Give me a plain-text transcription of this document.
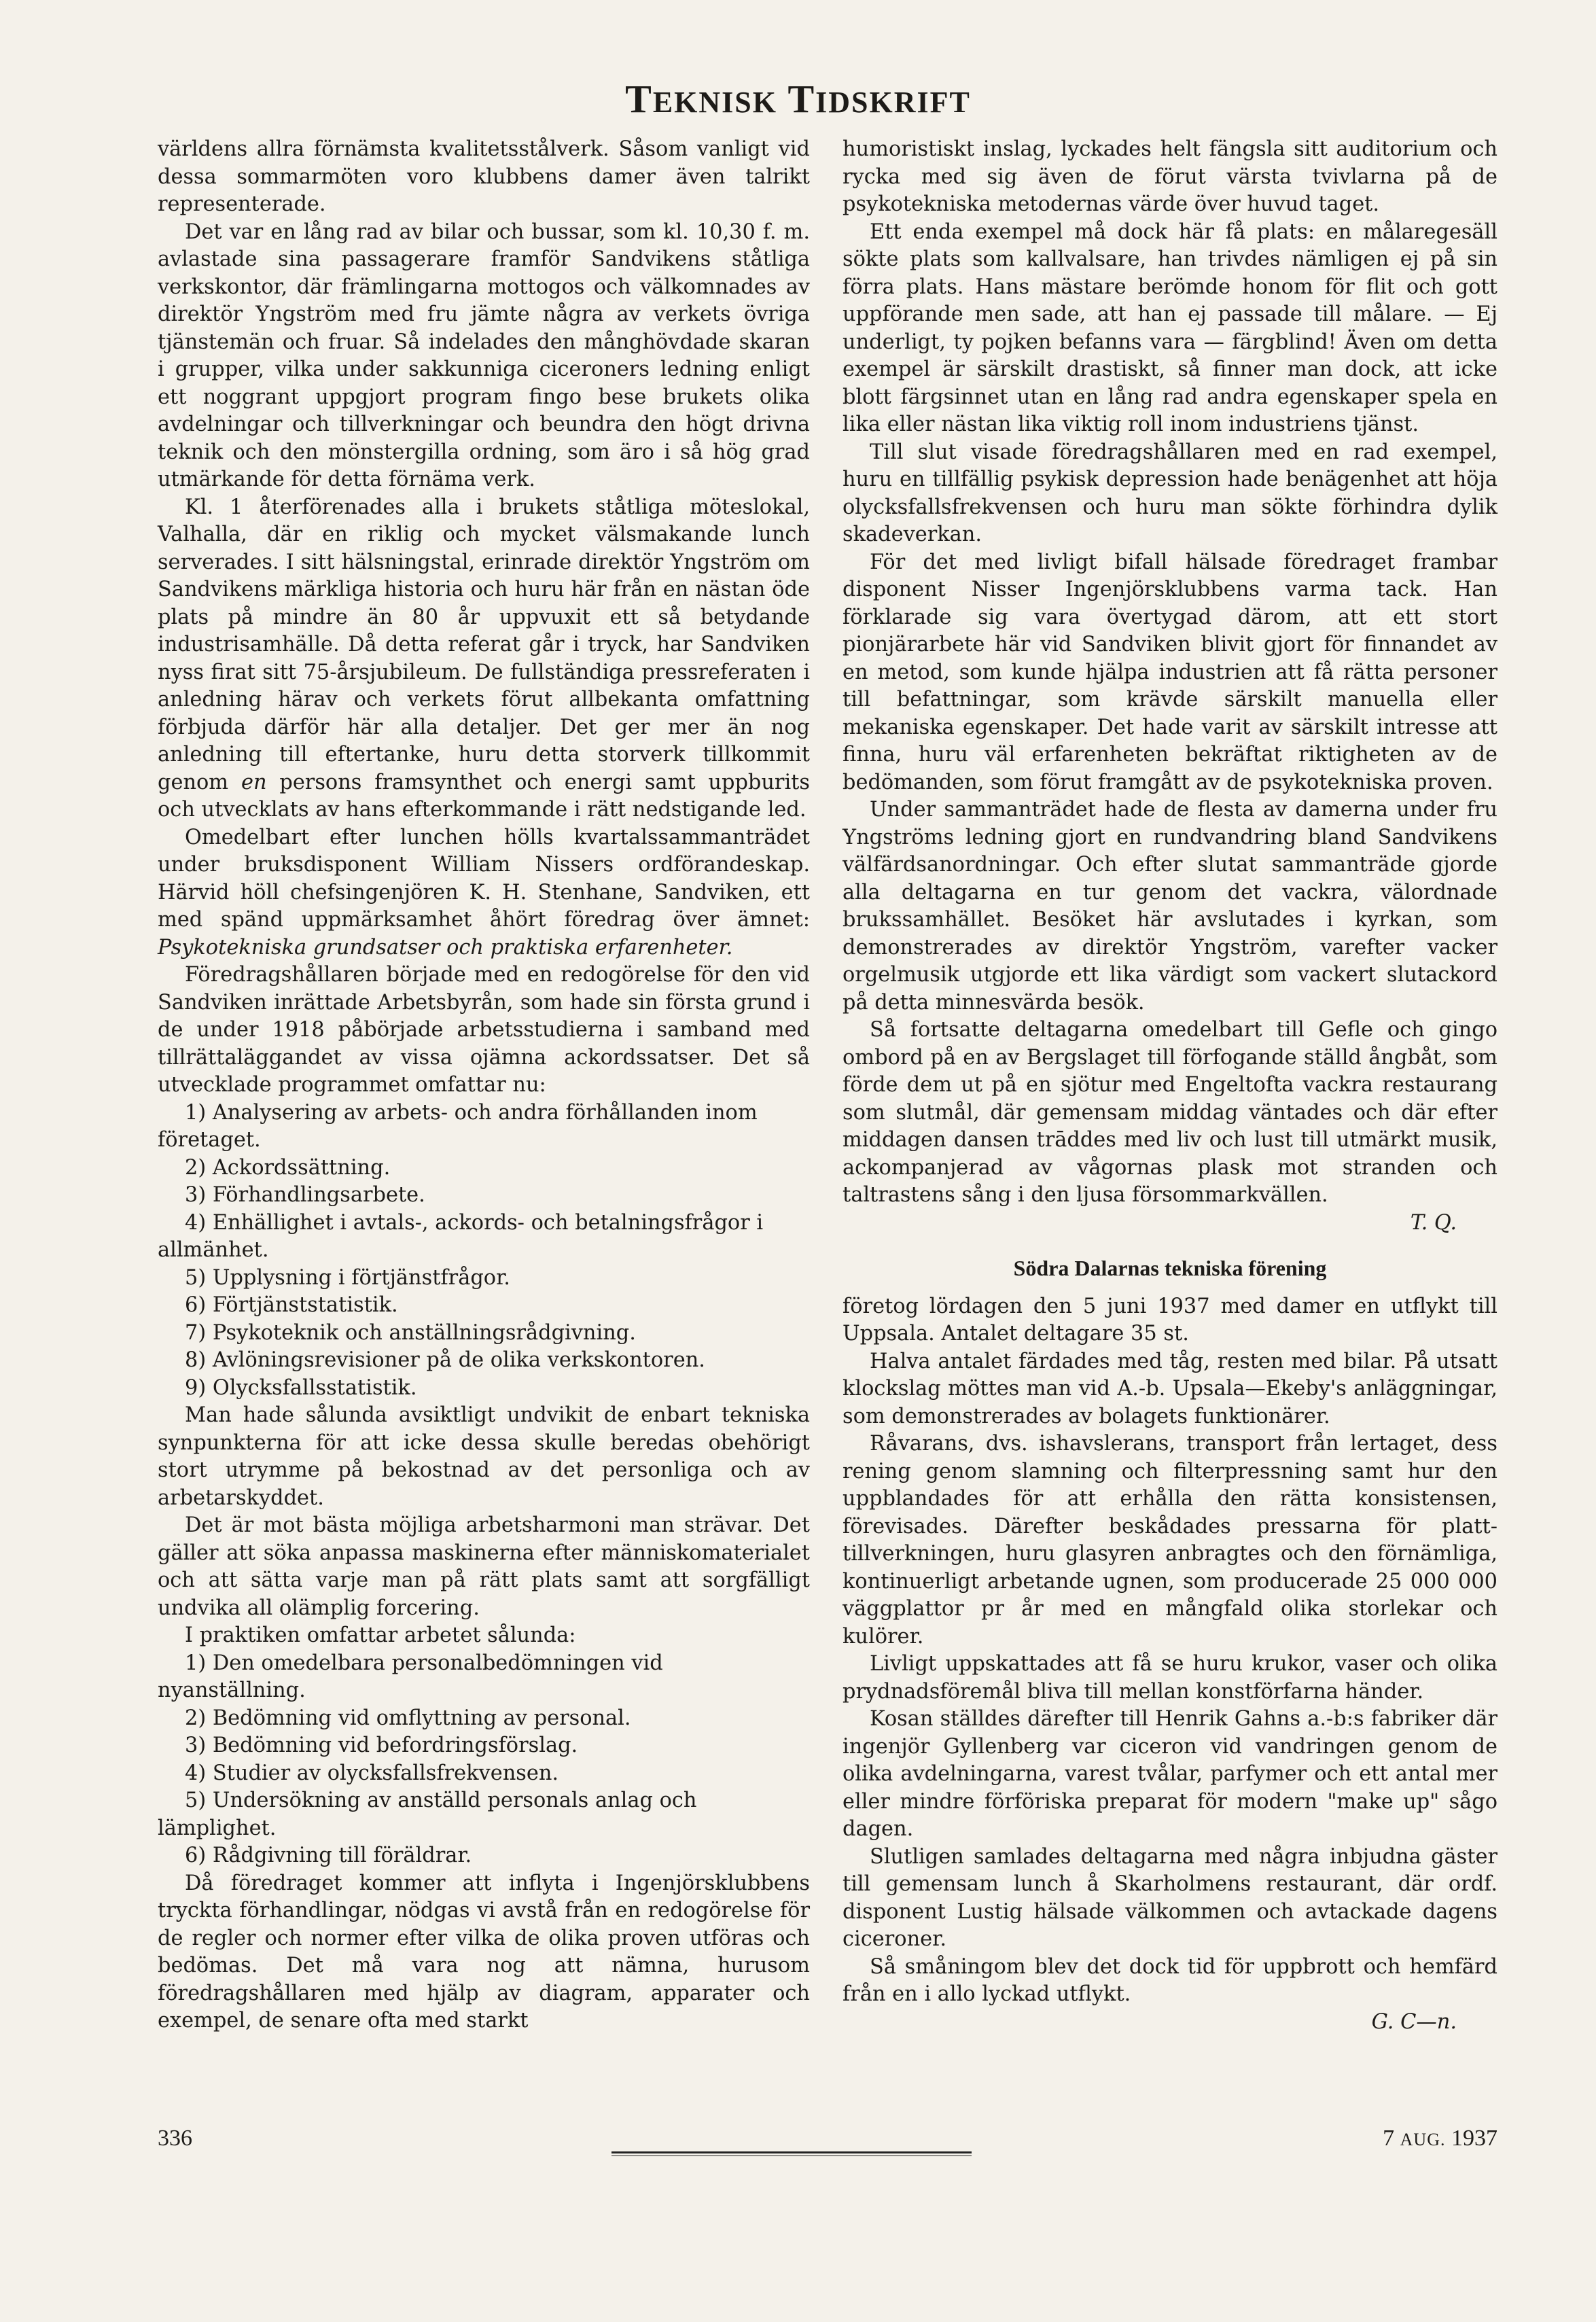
TEKNISK TIDSKRIFT

världens allra förnämsta kvalitetsstålverk. Såsom vanligt vid dessa sommarmöten voro klubbens damer även talrikt representerade.

Det var en lång rad av bilar och bussar, som kl. 10,30 f. m. avlastade sina passagerare framför Sandvikens ståtliga verkskontor, där främlingarna mottogos och välkomnades av direktör Yngström med fru jämte några av verkets övriga tjänstemän och fruar. Så indelades den månghövdade skaran i grupper, vilka under sakkunniga ciceroners ledning enligt ett noggrant uppgjort program fingo bese brukets olika avdelningar och tillverkningar och beundra den högt drivna teknik och den mönstergilla ordning, som äro i så hög grad utmärkande för detta förnäma verk.

Kl. 1 återförenades alla i brukets ståtliga möteslokal, Valhalla, där en riklig och mycket välsmakande lunch serverades. I sitt hälsningstal, erinrade direktör Yngström om Sandvikens märkliga historia och huru här från en nästan öde plats på mindre än 80 år uppvuxit ett så betydande industrisamhälle. Då detta referat går i tryck, har Sandviken nyss firat sitt 75-årsjubileum. De fullständiga pressreferaten i anledning härav och verkets förut allbekanta omfattning förbjuda därför här alla detaljer. Det ger mer än nog anledning till eftertanke, huru detta storverk tillkommit genom en persons framsynthet och energi samt uppburits och utvecklats av hans efterkommande i rätt nedstigande led.

Omedelbart efter lunchen hölls kvartalssammanträdet under bruksdisponent William Nissers ordförandeskap. Härvid höll chefsingenjören K. H. Stenhane, Sandviken, ett med spänd uppmärksamhet åhört föredrag över ämnet: Psykotekniska grundsatser och praktiska erfarenheter.

Föredragshållaren började med en redogörelse för den vid Sandviken inrättade Arbetsbyrån, som hade sin första grund i de under 1918 påbörjade arbetsstudierna i samband med tillrättaläggandet av vissa ojämna ackordssatser. Det så utvecklade programmet omfattar nu:

1) Analysering av arbets- och andra förhållanden inom företaget.

2) Ackordssättning.

3) Förhandlingsarbete.

4) Enhällighet i avtals-, ackords- och betalningsfrågor i allmänhet.

5) Upplysning i förtjänstfrågor.

6) Förtjänststatistik.

7) Psykoteknik och anställningsrådgivning.

8) Avlöningsrevisioner på de olika verkskontoren.

9) Olycksfallsstatistik.

Man hade sålunda avsiktligt undvikit de enbart tekniska synpunkterna för att icke dessa skulle beredas obehörigt stort utrymme på bekostnad av det personliga och av arbetarskyddet.

Det är mot bästa möjliga arbetsharmoni man strävar. Det gäller att söka anpassa maskinerna efter människomaterialet och att sätta varje man på rätt plats samt att sorgfälligt undvika all olämplig forcering.

I praktiken omfattar arbetet sålunda:

1) Den omedelbara personalbedömningen vid nyanställning.

2) Bedömning vid omflyttning av personal.

3) Bedömning vid befordringsförslag.

4) Studier av olycksfallsfrekvensen.

5) Undersökning av anställd personals anlag och lämplighet.

6) Rådgivning till föräldrar.

Då föredraget kommer att inflyta i Ingenjörsklubbens tryckta förhandlingar, nödgas vi avstå från en redogörelse för de regler och normer efter vilka de olika proven utföras och bedömas. Det må vara nog att nämna, hurusom föredragshållaren med hjälp av diagram, apparater och exempel, de senare ofta med starkt

humoristiskt inslag, lyckades helt fängsla sitt auditorium och rycka med sig även de förut värsta tvivlarna på de psykotekniska metodernas värde över huvud taget.

Ett enda exempel må dock här få plats: en målaregesäll sökte plats som kallvalsare, han trivdes nämligen ej på sin förra plats. Hans mästare berömde honom för flit och gott uppförande men sade, att han ej passade till målare. — Ej underligt, ty pojken befanns vara — färgblind! Även om detta exempel är särskilt drastiskt, så finner man dock, att icke blott färgsinnet utan en lång rad andra egenskaper spela en lika eller nästan lika viktig roll inom industriens tjänst.

Till slut visade föredragshållaren med en rad exempel, huru en tillfällig psykisk depression hade benägenhet att höja olycksfallsfrekvensen och huru man sökte förhindra dylik skadeverkan.

För det med livligt bifall hälsade föredraget frambar disponent Nisser Ingenjörsklubbens varma tack. Han förklarade sig vara övertygad därom, att ett stort pionjärarbete här vid Sandviken blivit gjort för finnandet av en metod, som kunde hjälpa industrien att få rätta personer till befattningar, som krävde särskilt manuella eller mekaniska egenskaper. Det hade varit av särskilt intresse att finna, huru väl erfarenheten bekräftat riktigheten av de bedömanden, som förut framgått av de psykotekniska proven.

Under sammanträdet hade de flesta av damerna under fru Yngströms ledning gjort en rundvandring bland Sandvikens välfärdsanordningar. Och efter slutat sammanträde gjorde alla deltagarna en tur genom det vackra, välordnade brukssamhället. Besöket här avslutades i kyrkan, som demonstrerades av direktör Yngström, varefter vacker orgelmusik utgjorde ett lika värdigt som vackert slutackord på detta minnesvärda besök.

Så fortsatte deltagarna omedelbart till Gefle och gingo ombord på en av Bergslaget till förfogande ställd ångbåt, som förde dem ut på en sjötur med Engeltofta vackra restaurang som slutmål, där gemensam middag väntades och där efter middagen dansen trāddes med liv och lust till utmärkt musik, ackompanjerad av vågornas plask mot stranden och taltrastens sång i den ljusa försommarkvällen.

T. Q.

Södra Dalarnas tekniska förening

företog lördagen den 5 juni 1937 med damer en utflykt till Uppsala. Antalet deltagare 35 st.

Halva antalet färdades med tåg, resten med bilar. På utsatt klockslag möttes man vid A.-b. Upsala—Ekeby's anläggningar, som demonstrerades av bolagets funktionärer.

Råvarans, dvs. ishavslerans, transport från lertaget, dess rening genom slamning och filterpressning samt hur den uppblandades för att erhålla den rätta konsistensen, förevisades. Därefter beskådades pressarna för platt-tillverkningen, huru glasyren anbragtes och den förnämliga, kontinuerligt arbetande ugnen, som producerade 25 000 000 väggplattor pr år med en mångfald olika storlekar och kulörer.

Livligt uppskattades att få se huru krukor, vaser och olika prydnadsföremål bliva till mellan konstförfarna händer.

Kosan ställdes därefter till Henrik Gahns a.-b:s fabriker där ingenjör Gyllenberg var ciceron vid vandringen genom de olika avdelningarna, varest tvålar, parfymer och ett antal mer eller mindre förföriska preparat för modern "make up" sågo dagen.

Slutligen samlades deltagarna med några inbjudna gäster till gemensam lunch å Skarholmens restaurant, där ordf. disponent Lustig hälsade välkommen och avtackade dagens ciceroner.

Så småningom blev det dock tid för uppbrott och hemfärd från en i allo lyckad utflykt.

G. C—n.

336	7 AUG. 1937
